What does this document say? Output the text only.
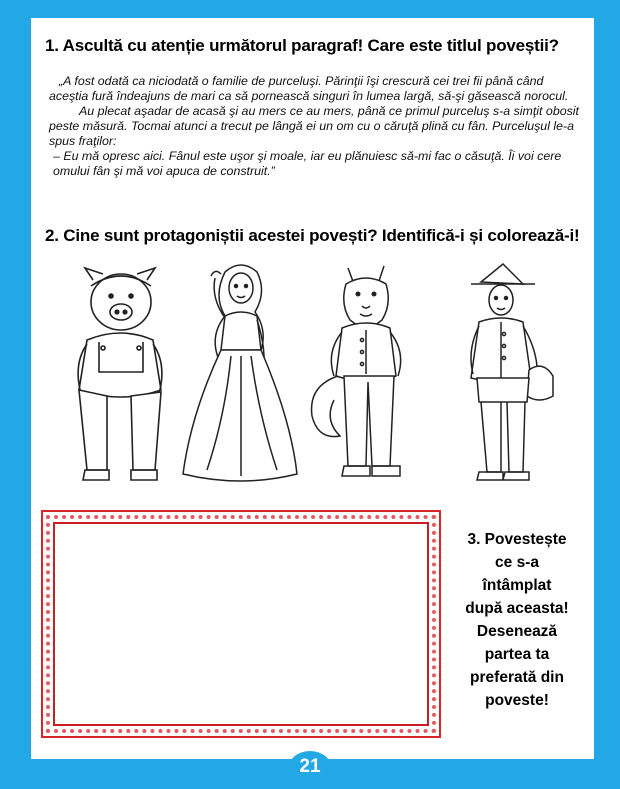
1. Ascultă cu atenție următorul paragraf! Care este titlul poveștii?

„A fost odată ca niciodată o familie de purceluşi. Părinţii îşi crescură cei trei fii până când aceştia fură îndeajuns de mari ca să pornească singuri în lumea largă, să-şi găsească norocul.

Au plecat aşadar de acasă şi au mers ce au mers, până ce primul purceluş s-a simţit obosit peste măsură. Tocmai atunci a trecut pe lângă ei un om cu o căruţă plină cu fân. Purceluşul le-a spus fraţilor:

– Eu mă opresc aici. Fânul este uşor şi moale, iar eu plănuiesc să-mi fac o căsuţă. Îi voi cere omului fân şi mă voi apuca de construit.”

2. Cine sunt protagoniștii acestei povești? Identifică-i și colorează-i!
3. Povestește
ce s-a
întâmplat
după aceasta!
Desenează
partea ta
preferată din
poveste!
21
